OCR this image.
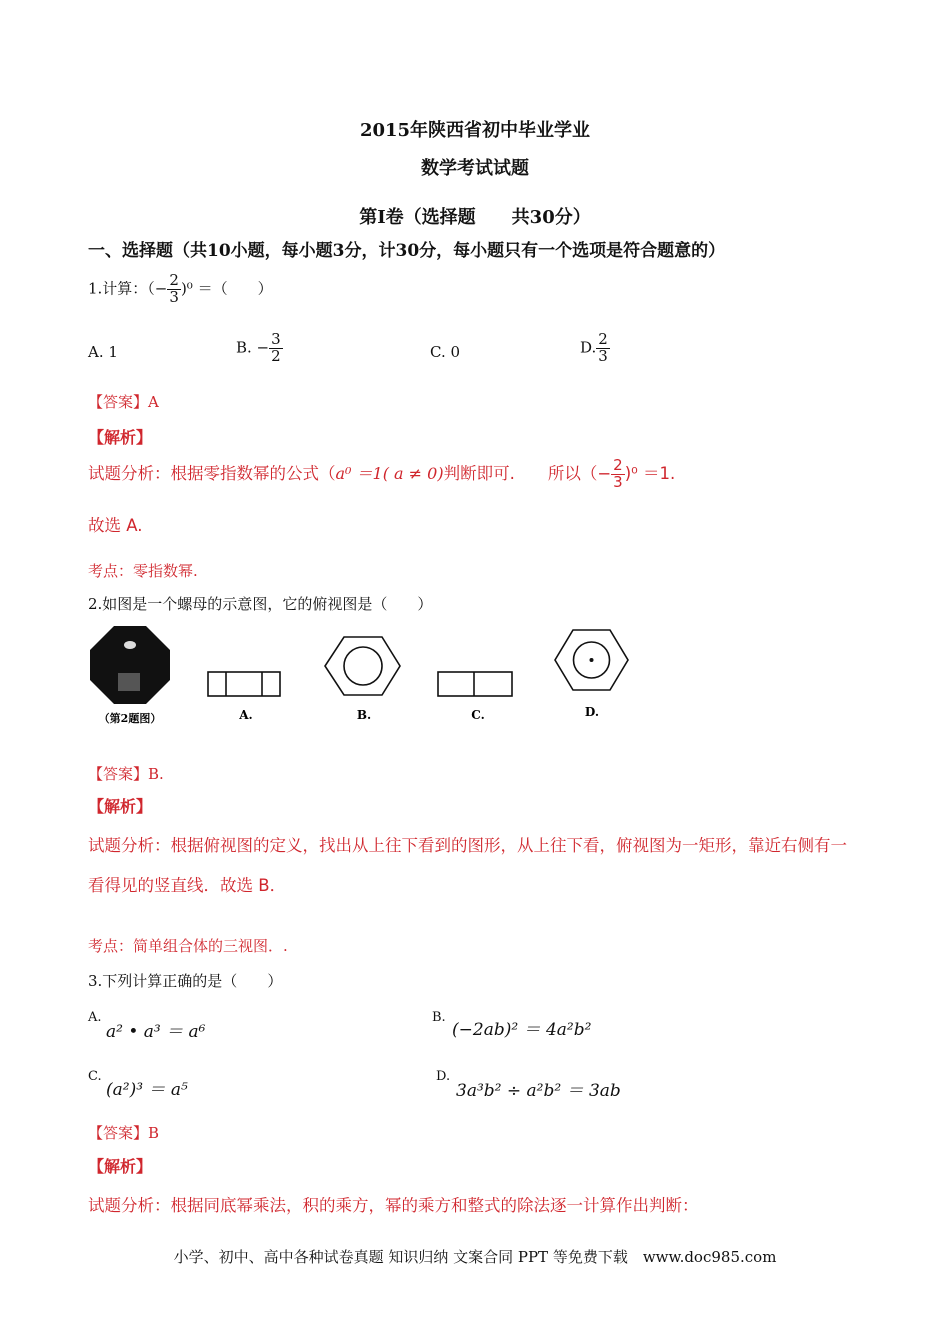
2015年陕西省初中毕业学业
数学考试试题
第Ⅰ卷（选择题　　共30分）
一、选择题（共10小题，每小题3分，计30分，每小题只有一个选项是符合题意的）
1.计算：（− $\frac{2}{3} )^0$ ＝（　　）
A. 1	B. − $\frac{3}{2}$	C. 0	D. $\frac{2}{3}$
【答案】A
【解析】
试题分析：根据零指数幂的公式（a⁰ ＝1( a ≠ 0)判断即可.　　所以（− $\frac{2}{3} )^0 =1$.
故选 A.
考点：零指数幂.
2.如图是一个螺母的示意图，它的俯视图是（　　）
（第2题图）	A.	B.	C.	D.
【答案】B.
【解析】
试题分析：根据俯视图的定义，找出从上往下看到的图形，从上往下看，俯视图为一矩形，靠近右侧有一
看得见的竖直线．故选 B．
考点：简单组合体的三视图．.
3.下列计算正确的是（　　）
A.
a² • a³ ＝ a⁶
B.
(−2ab)² ＝ 4a²b²
C.
(a²)³ ＝ a⁵
D.
3a³b² ÷ a²b² ＝ 3ab
【答案】B
【解析】
试题分析：根据同底幂乘法，积的乘方，幂的乘方和整式的除法逐一计算作出判断：
小学、初中、高中各种试卷真题 知识归纳 文案合同 PPT 等免费下载　www.doc985.com
